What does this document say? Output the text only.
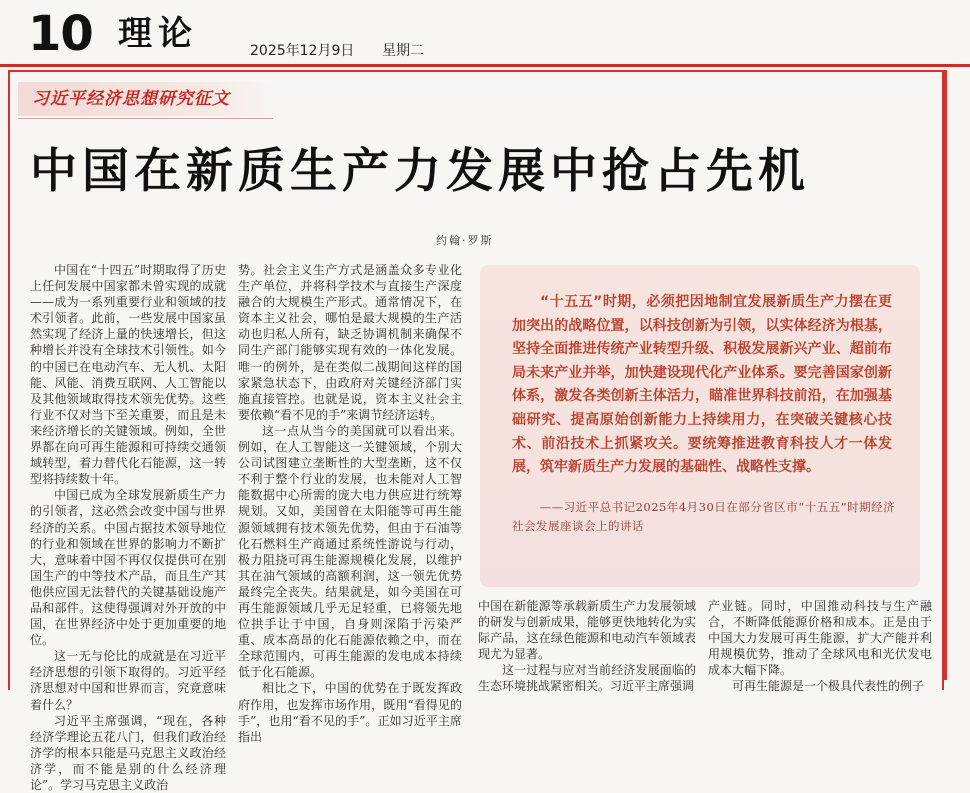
10 理论	2025年12月9日 星期二
习近平经济思想研究征文
中国在新质生产力发展中抢占先机
约翰·罗斯

中国在“十四五”时期取得了历史上任何发展中国家都未曾实现的成就——成为一系列重要行业和领域的技术引领者。此前，一些发展中国家虽然实现了经济上量的快速增长，但这种增长并没有全球技术引领性。如今的中国已在电动汽车、无人机、太阳能、风能、消费互联网、人工智能以及其他领域取得技术领先优势。这些行业不仅对当下至关重要，而且是未来经济增长的关键领域。例如，全世界都在向可再生能源和可持续交通领域转型，着力替代化石能源，这一转型将持续数十年。

中国已成为全球发展新质生产力的引领者，这必然会改变中国与世界经济的关系。中国占据技术领导地位的行业和领域在世界的影响力不断扩大，意味着中国不再仅仅提供可在别国生产的中等技术产品，而且生产其他供应国无法替代的关键基础设施产品和部件。这使得强调对外开放的中国，在世界经济中处于更加重要的地位。

这一无与伦比的成就是在习近平经济思想的引领下取得的。习近平经济思想对中国和世界而言，究竟意味着什么？

习近平主席强调，“现在，各种经济学理论五花八门，但我们政治经济学的根本只能是马克思主义政治经济学，而不能是别的什么经济理论”。学习马克思主义政治

势。社会主义生产方式是涵盖众多专业化生产单位，并将科学技术与直接生产深度融合的大规模生产形式。通常情况下，在资本主义社会，哪怕是最大规模的生产活动也归私人所有，缺乏协调机制来确保不同生产部门能够实现有效的一体化发展。唯一的例外，是在类似二战期间这样的国家紧急状态下，由政府对关键经济部门实施直接管控。也就是说，资本主义社会主要依赖“看不见的手”来调节经济运转。

这一点从当今的美国就可以看出来。例如，在人工智能这一关键领域，个别大公司试图建立垄断性的大型垄断，这不仅不利于整个行业的发展，也未能对人工智能数据中心所需的庞大电力供应进行统筹规划。又如，美国曾在太阳能等可再生能源领域拥有技术领先优势，但由于石油等化石燃料生产商通过系统性游说与行动，极力阻挠可再生能源规模化发展，以维护其在油气领域的高额利润，这一领先优势最终完全丧失。结果就是，如今美国在可再生能源领域几乎无足轻重，已将领先地位拱手让于中国，自身则深陷于污染严重、成本高昂的化石能源依赖之中，而在全球范围内，可再生能源的发电成本持续低于化石能源。

相比之下，中国的优势在于既发挥政府作用，也发挥市场作用，既用“看得见的手”，也用“看不见的手”。正如习近平主席指出

“十五五”时期，必须把因地制宜发展新质生产力摆在更加突出的战略位置，以科技创新为引领，以实体经济为根基，坚持全面推进传统产业转型升级、积极发展新兴产业、超前布局未来产业并举，加快建设现代化产业体系。要完善国家创新体系，激发各类创新主体活力，瞄准世界科技前沿，在加强基础研究、提高原始创新能力上持续用力，在突破关键核心技术、前沿技术上抓紧攻关。要统筹推进教育科技人才一体发展，筑牢新质生产力发展的基础性、战略性支撑。

——习近平总书记2025年4月30日在部分省区市“十五五”时期经济社会发展座谈会上的讲话

中国在新能源等承载新质生产力发展领域的研发与创新成果，能够更快地转化为实际产品，这在绿色能源和电动汽车领域表现尤为显著。

这一过程与应对当前经济发展面临的生态环境挑战紧密相关。习近平主席强调

产业链。同时，中国推动科技与生产融合，不断降低能源价格和成本。正是由于中国大力发展可再生能源，扩大产能并利用规模优势，推动了全球风电和光伏发电成本大幅下降。

可再生能源是一个极具代表性的例子
